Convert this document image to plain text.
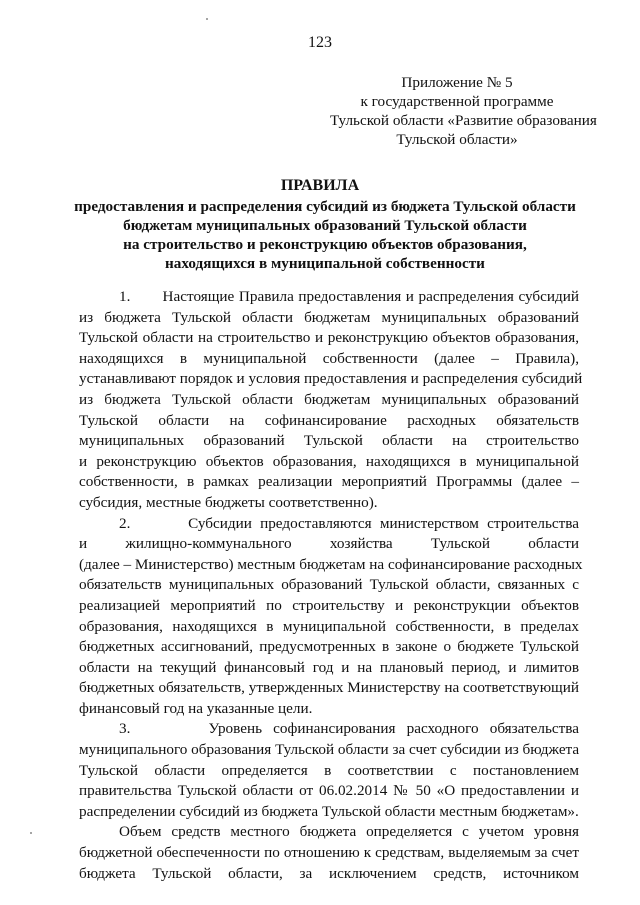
123
Приложение № 5
к государственной программе
Тульской области «Развитие образования
Тульской области»
ПРАВИЛА
предоставления и распределения субсидий из бюджета Тульской области
бюджетам муниципальных образований Тульской области
на строительство и реконструкцию объектов образования,
находящихся в муниципальной собственности
1.       Настоящие Правила предоставления и распределения субсидий
из бюджета Тульской области бюджетам муниципальных образований
Тульской области на строительство и реконструкцию объектов образования,
находящихся в муниципальной собственности (далее – Правила),
устанавливают порядок и условия предоставления и распределения субсидий
из бюджета Тульской области бюджетам муниципальных образований
Тульской области на софинансирование расходных обязательств
муниципальных образований Тульской области на строительство
и реконструкцию объектов образования, находящихся в муниципальной
собственности, в рамках реализации мероприятий Программы (далее –
субсидия, местные бюджеты соответственно).
2.       Субсидии предоставляются министерством строительства
и жилищно-коммунального хозяйства Тульской области
(далее – Министерство) местным бюджетам на софинансирование расходных
обязательств муниципальных образований Тульской области, связанных с
реализацией мероприятий по строительству и реконструкции объектов
образования, находящихся в муниципальной собственности, в пределах
бюджетных ассигнований, предусмотренных в законе о бюджете Тульской
области на текущий финансовый год и на плановый период, и лимитов
бюджетных обязательств, утвержденных Министерству на соответствующий
финансовый год на указанные цели.
3.       Уровень софинансирования расходного обязательства
муниципального образования Тульской области за счет субсидии из бюджета
Тульской области определяется в соответствии с постановлением
правительства Тульской области от 06.02.2014 № 50 «О предоставлении и
распределении субсидий из бюджета Тульской области местным бюджетам».
Объем средств местного бюджета определяется с учетом уровня
бюджетной обеспеченности по отношению к средствам, выделяемым за счет
бюджета Тульской области, за исключением средств, источником
